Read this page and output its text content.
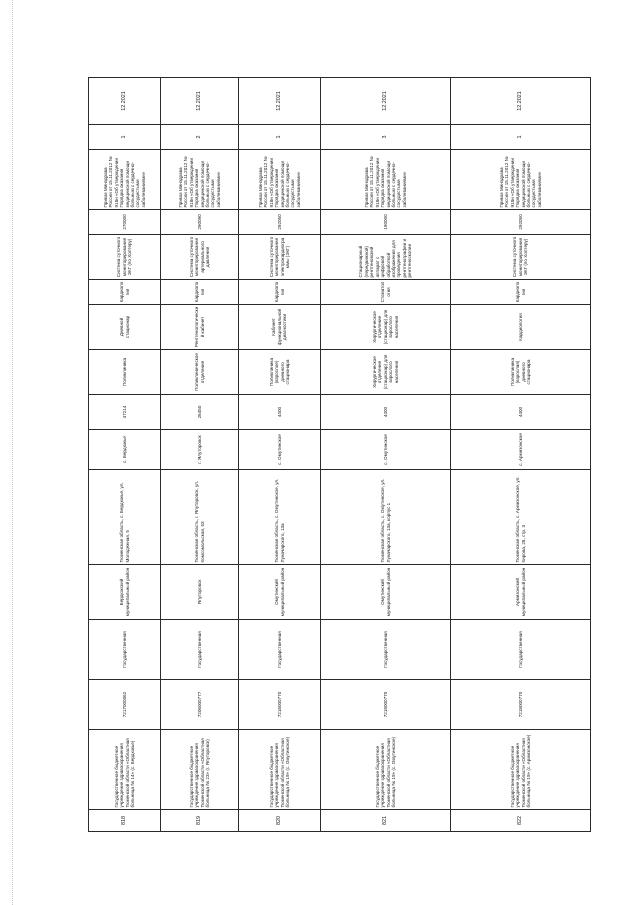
818	Государственное бюджетное учреждение здравоохранения Тюменской области «Областная больница № 14» (с. Бердюжье)	7217000062	Государственная	Бердюжский муниципальный район	Тюменская область, с. Бердюжье, ул. Молодежная, 5	с. Бердюжье	47214	Поликлиника	Дневной стационар	Кардиология	Система суточного мониторирования ЭКГ (по Холтеру)	270000	Приказ Минздрава России от 15.11.2012 № 918н «Об утверждении Порядка оказания медицинской помощи больным с сердечно-сосудистыми заболеваниями»	1	12.2021
819	Государственное бюджетное учреждение здравоохранения Тюменской области «Областная больница № 23» (г. Ялуторовск)	7206000777	Государственная	Ялуторовск	Тюменская область, г. Ялуторовск, ул. Комсомольская, 53	г. Ялуторовск	26450	Поликлиническое отделение	Рентгенологический кабинет	Кардиология	Система суточного мониторирования артериального давления	290090	Приказ Минздрава России от 15.11.2012 № 918н «Об утверждении Порядка оказания медицинской помощи больным с сердечно-сосудистыми заболеваниями»	2	12.2021
820	Государственное бюджетное учреждение здравоохранения Тюменской области «Областная больница № 19» (с. Омутинское)	7218000770	Государственная	Омутинский муниципальный район	Тюменская область, с. Омутинское, ул. Луначарского, 13а	с. Омутинское	4400	Поликлиника (взрослое) дневного стационара	Кабинет функциональной диагностики	Кардиология	Система суточного мониторирования электрокардиограммы (ЭКГ)	292050	Приказ Минздрава России от 15.11.2012 № 918н «Об утверждении Порядка оказания медицинской помощи больным с сердечно-сосудистыми заболеваниями»	1	12.2021
821	Государственное бюджетное учреждение здравоохранения Тюменской области «Областная больница № 19» (с. Омутинское)	7218000770	Государственная	Омутинский муниципальный район	Тюменская область, с. Омутинское, ул. Луначарского, 13а, корпус 1	с. Омутинское	4400	Хирургическое отделение (стационар) для взрослого населения	Хирургическое отделение (стационар) для взрослого населения	Стоматология	Стационарный (передвижной) рентгеновский аппарат с цифровой обработкой изображения для проведения рентгенографии и рентгеноскопии	190000	Приказ Минздрава России от 15.11.2012 № 918н «Об утверждении Порядка оказания медицинской помощи больным с сердечно-сосудистыми заболеваниями»	3	12.2021
822	Государственное бюджетное учреждение здравоохранения Тюменской области «Областная больница № 19» (с. Армизонское)	7218000770	Государственная	Армизонский муниципальный район	Тюменская область, с. Армизонское, ул. Кирова, 28, стр. 3	с. Армизонское	4400	Поликлиника (взрослая) дневного стационара	Кардиология	Кардиология	Система суточного мониторирования ЭКГ (по Холтеру)	292050	Приказ Минздрава России от 15.11.2012 № 918н «Об утверждении Порядка оказания медицинской помощи больным с сердечно-сосудистыми заболеваниями»	1	12.2021
